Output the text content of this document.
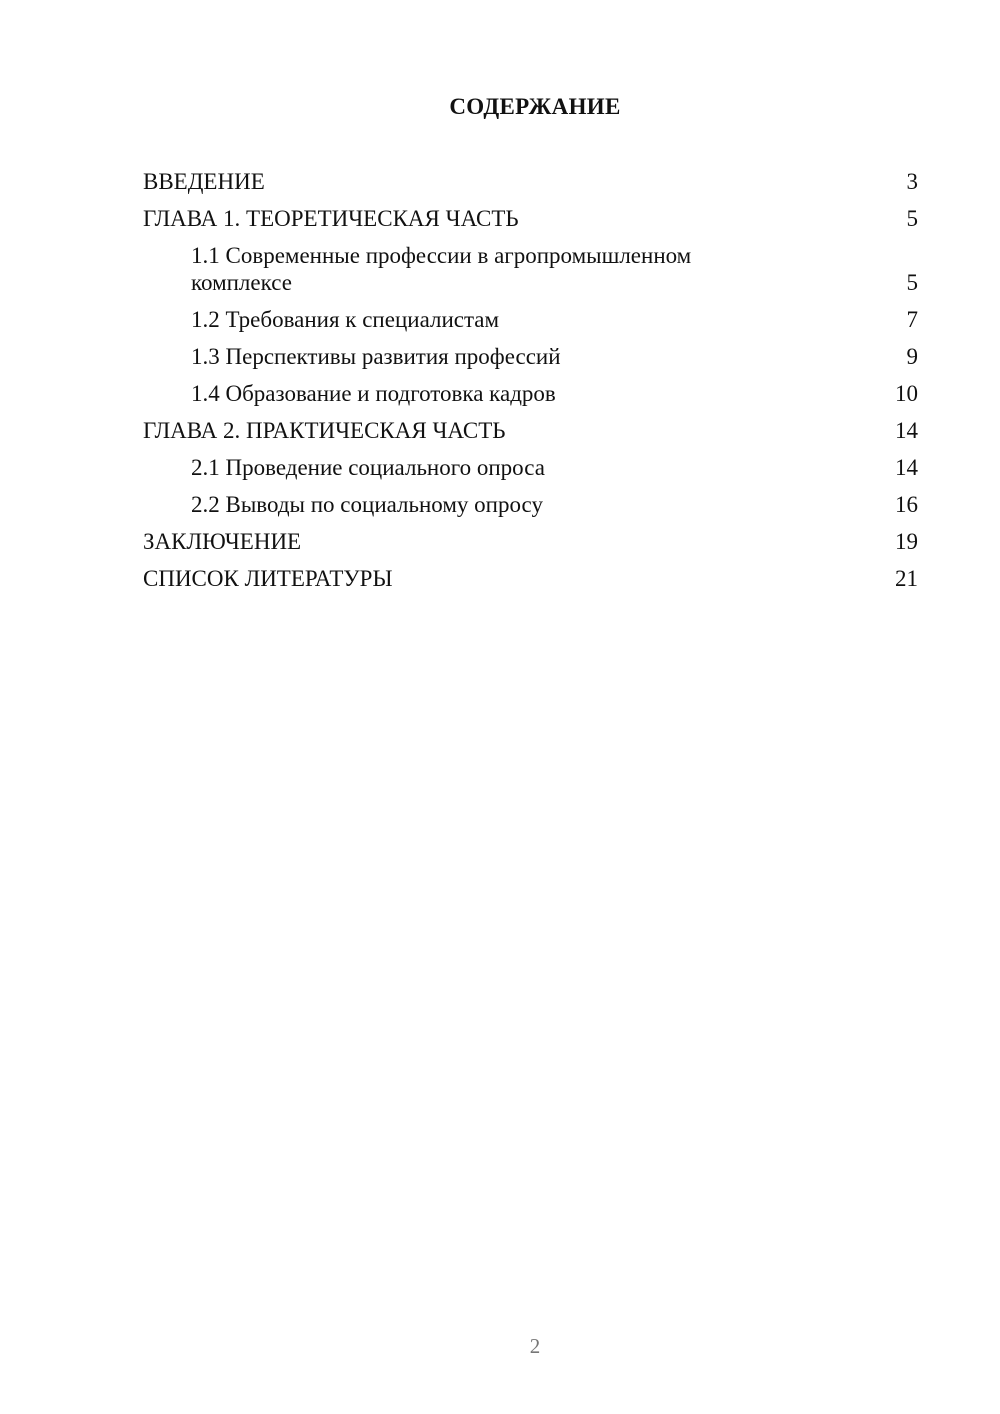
СОДЕРЖАНИЕ
ВВЕДЕНИЕ	3
ГЛАВА 1. ТЕОРЕТИЧЕСКАЯ ЧАСТЬ	5
1.1 Современные профессии в агропромышленном комплексе	5
1.2 Требования к специалистам	7
1.3 Перспективы развития профессий	9
1.4 Образование и подготовка кадров	10
ГЛАВА 2. ПРАКТИЧЕСКАЯ ЧАСТЬ	14
2.1 Проведение социального опроса	14
2.2 Выводы по социальному опросу	16
ЗАКЛЮЧЕНИЕ	19
СПИСОК ЛИТЕРАТУРЫ	21
2
